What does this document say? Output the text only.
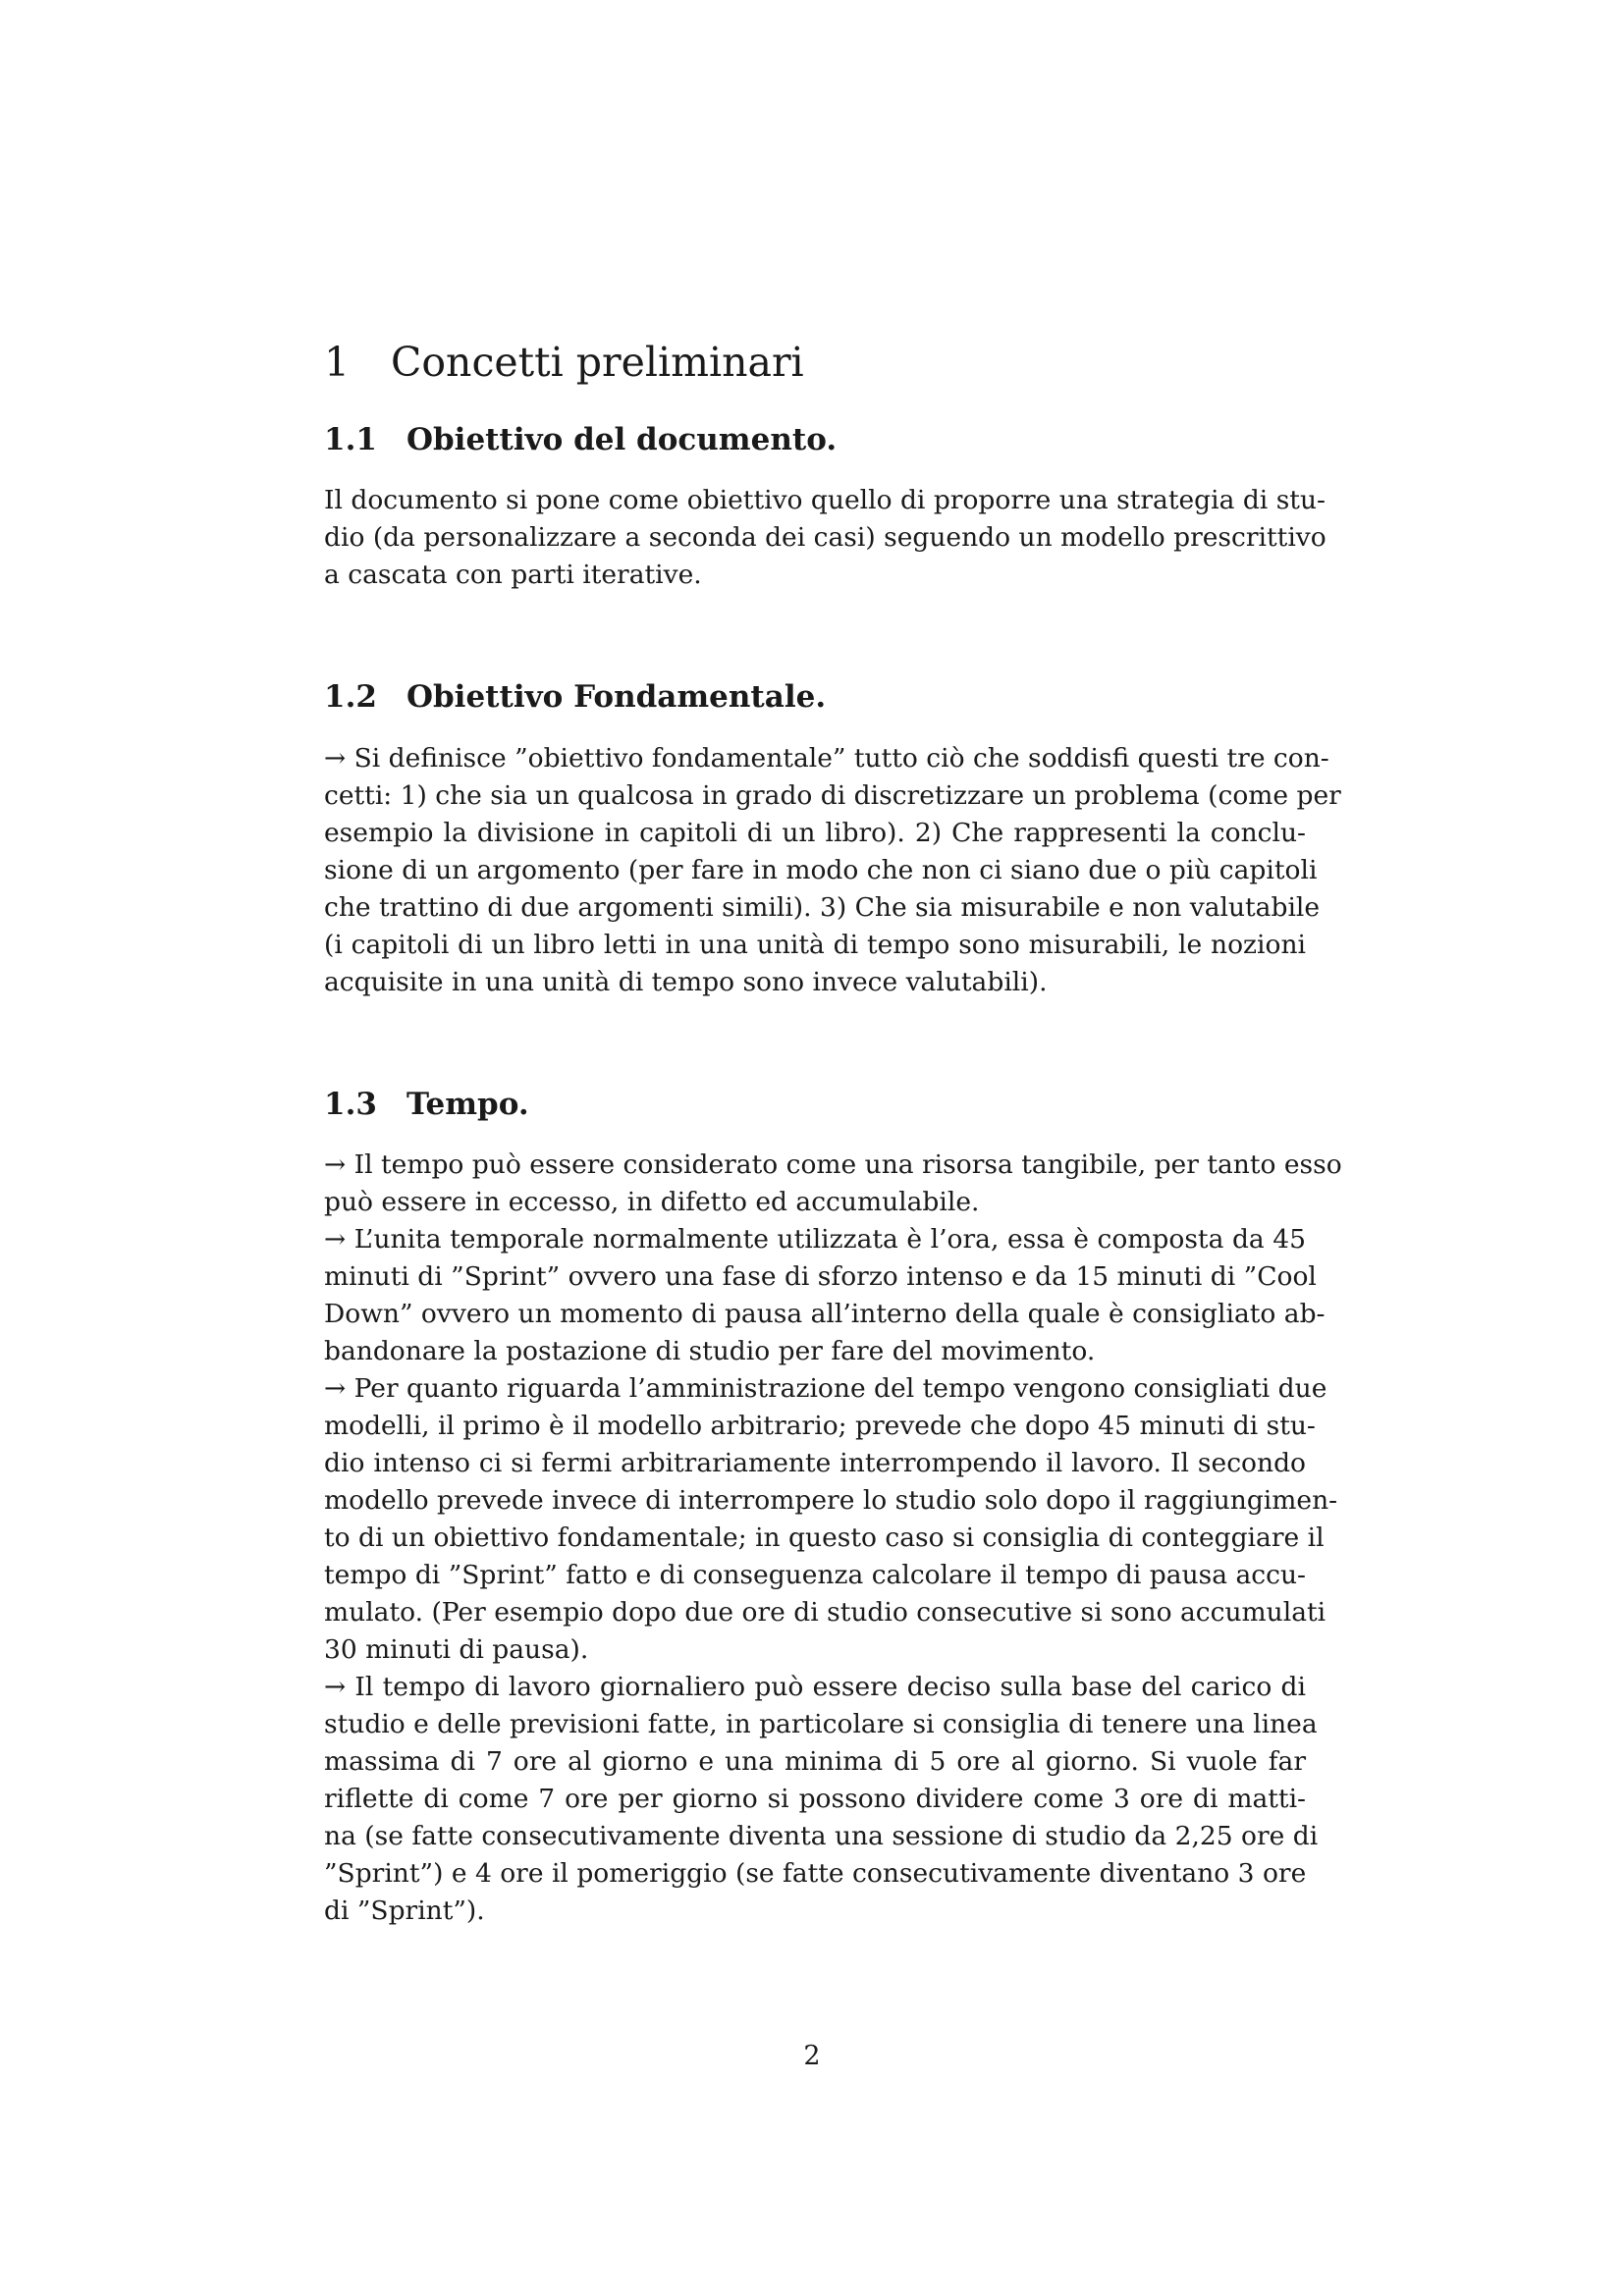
1	Concetti preliminari
1.1 Obiettivo del documento.

Il documento si pone come obiettivo quello di proporre una strategia di stu-
dio (da personalizzare a seconda dei casi) seguendo un modello prescrittivo
a cascata con parti iterative.

1.2 Obiettivo Fondamentale.

→ Si definisce ”obiettivo fondamentale” tutto ciò che soddisfi questi tre con-
cetti: 1) che sia un qualcosa in grado di discretizzare un problema (come per
esempio la divisione in capitoli di un libro). 2) Che rappresenti la conclu-
sione di un argomento (per fare in modo che non ci siano due o più capitoli
che trattino di due argomenti simili). 3) Che sia misurabile e non valutabile
(i capitoli di un libro letti in una unità di tempo sono misurabili, le nozioni
acquisite in una unità di tempo sono invece valutabili).

1.3 Tempo.

→ Il tempo può essere considerato come una risorsa tangibile, per tanto esso
può essere in eccesso, in difetto ed accumulabile.

→ L’unita temporale normalmente utilizzata è l’ora, essa è composta da 45
minuti di ”Sprint” ovvero una fase di sforzo intenso e da 15 minuti di ”Cool
Down” ovvero un momento di pausa all’interno della quale è consigliato ab-
bandonare la postazione di studio per fare del movimento.

→ Per quanto riguarda l’amministrazione del tempo vengono consigliati due
modelli, il primo è il modello arbitrario; prevede che dopo 45 minuti di stu-
dio intenso ci si fermi arbitrariamente interrompendo il lavoro. Il secondo
modello prevede invece di interrompere lo studio solo dopo il raggiungimen-
to di un obiettivo fondamentale; in questo caso si consiglia di conteggiare il
tempo di ”Sprint” fatto e di conseguenza calcolare il tempo di pausa accu-
mulato. (Per esempio dopo due ore di studio consecutive si sono accumulati
30 minuti di pausa).

→ Il tempo di lavoro giornaliero può essere deciso sulla base del carico di
studio e delle previsioni fatte, in particolare si consiglia di tenere una linea
massima di 7 ore al giorno e una minima di 5 ore al giorno. Si vuole far
riflette di come 7 ore per giorno si possono dividere come 3 ore di matti-
na (se fatte consecutivamente diventa una sessione di studio da 2,25 ore di
”Sprint”) e 4 ore il pomeriggio (se fatte consecutivamente diventano 3 ore
di ”Sprint”).

2
